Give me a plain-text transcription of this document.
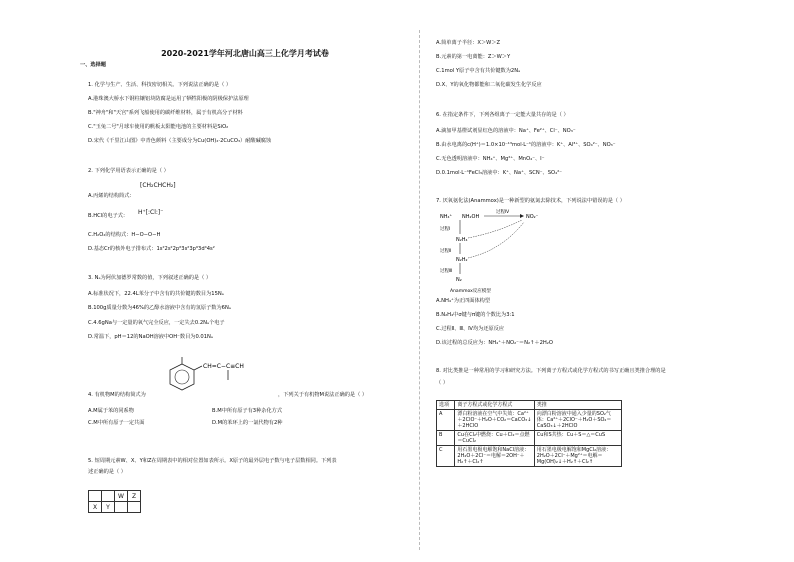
2020-2021学年河北唐山高三上化学月考试卷
一、选择题
1. 化学与生产、生活、科技密切相关。下列说法正确的是（ ）
A.港珠澳大桥水下钢柱镶铝块防腐是运用了牺牲阳极的阴极保护法原理
B."神舟"和"天宫"系列飞船使用的碳纤维材料，属于有机高分子材料
C."玉兔二号"月球车使用的帆板太阳能电池的主要材料是SiO₂
D.宋代《千里江山图》中青色颜料（主要成分为Cu(OH)₂·2CuCO₃）耐酸碱腐蚀
2. 下列化学用语表示正确的是（ ）
A.丙烯的结构简式：
[CH₂CHCH₂]
B.HCl的电子式： H⁺[:Cl:]⁻
C.H₂O₂的结构式：H−O−O−H
D.基态Cr的核外电子排布式：1s²2s²2p⁶3s²3p⁶3d⁴4s²
3. Nₐ为阿伏加德罗常数的值，下列叙述正确的是（ ）
A.标准状况下，22.4L苯分子中含有的共价键的数目为15Nₐ
B.100g质量分数为46%的乙醇水溶液中含有的氢原子数为6Nₐ
C.4.6gNa与一定量的氧气完全反应，一定失去0.2Nₐ个电子
D.常温下，pH＝12的NaOH溶液中OH⁻数目为0.01Nₐ
CH=C−C≡CH
4. 有机物M的结构简式为	，下列关于有机物M说法正确的是（ ）
A.M属于苯的同系物	B.M中所有原子有3种杂化方式
C.M中所有原子一定共面	D.M的苯环上的一氯代物有2种
5. 短周期元素W、X、Y和Z在周期表中的相对位置如表所示。X原子的最外层电子数与电子层数相同。下列表
述正确的是（ ）
		W	Z
X	Y		
A.简单离子半径：X＞W＞Z
B.元素的第一电离能：Z＞W＞Y
C.1mol Y原子中含有共价键数为2Nₐ
D.X、Y的氧化物都能和二氧化碳发生化学反应
6. 在指定条件下，下列各组离子一定能大量共存的是（ ）
A.滴加甲基橙试剂显红色的溶液中：Na⁺、Fe²⁺、Cl⁻、NO₃⁻
B.由水电离的c(H⁺)＝1.0×10⁻¹³mol·L⁻¹的溶液中：K⁺、Al³⁺、SO₄²⁻、NO₃⁻
C.无色透明溶液中：NH₄⁺、Mg²⁺、MnO₄⁻、I⁻
D.0.1mol·L⁻¹FeCl₃溶液中：K⁺、Na⁺、SCN⁻、SO₄²⁻
7. 厌氧氨化法(Anammox)是一种新型的氨氮去除技术，下列说法中错误的是（ ）
NH₄⁺ NH₂OH
过程Ⅳ
NO₂⁻
过程Ⅰ
N₂H₄
过程Ⅱ
N₂H₂
过程Ⅲ
N₂
Anammox反应模型
A.NH₄⁺为正四面体构型
B.N₂H₄中σ键与π键的个数比为3:1
C.过程Ⅱ、Ⅲ、Ⅳ均为还原反应
D.该过程的总反应为：NH₄⁺＋NO₂⁻＝N₂↑＋2H₂O
8. 对比类推是一种常用的学习和研究方法。下列离子方程式或化学方程式的书写正确且类推合理的是
（ ）
选项	离子方程式或化学方程式	类推
A	漂白粉溶液在空气中失效：Ca²⁺＋2ClO⁻＋H₂O＋CO₂＝CaCO₃↓＋2HClO	向漂白粉溶液中通入少量的SO₂气体：Ca²⁺＋2ClO⁻＋H₂O＋SO₂＝CaSO₃↓＋2HClO
B	Cu在Cl₂中燃烧：Cu＋Cl₂＝点燃＝CuCl₂	Cu和S共热：Cu＋S＝△＝CuS
C	用石墨电极电解饱和NaCl溶液：2H₂O＋2Cl⁻＝电解＝2OH⁻＋H₂↑＋Cl₂↑	用石墨电极电解饱和MgCl₂溶液：2H₂O＋2Cl⁻＋Mg²⁺＝电解＝Mg(OH)₂↓＋H₂↑＋Cl₂↑
